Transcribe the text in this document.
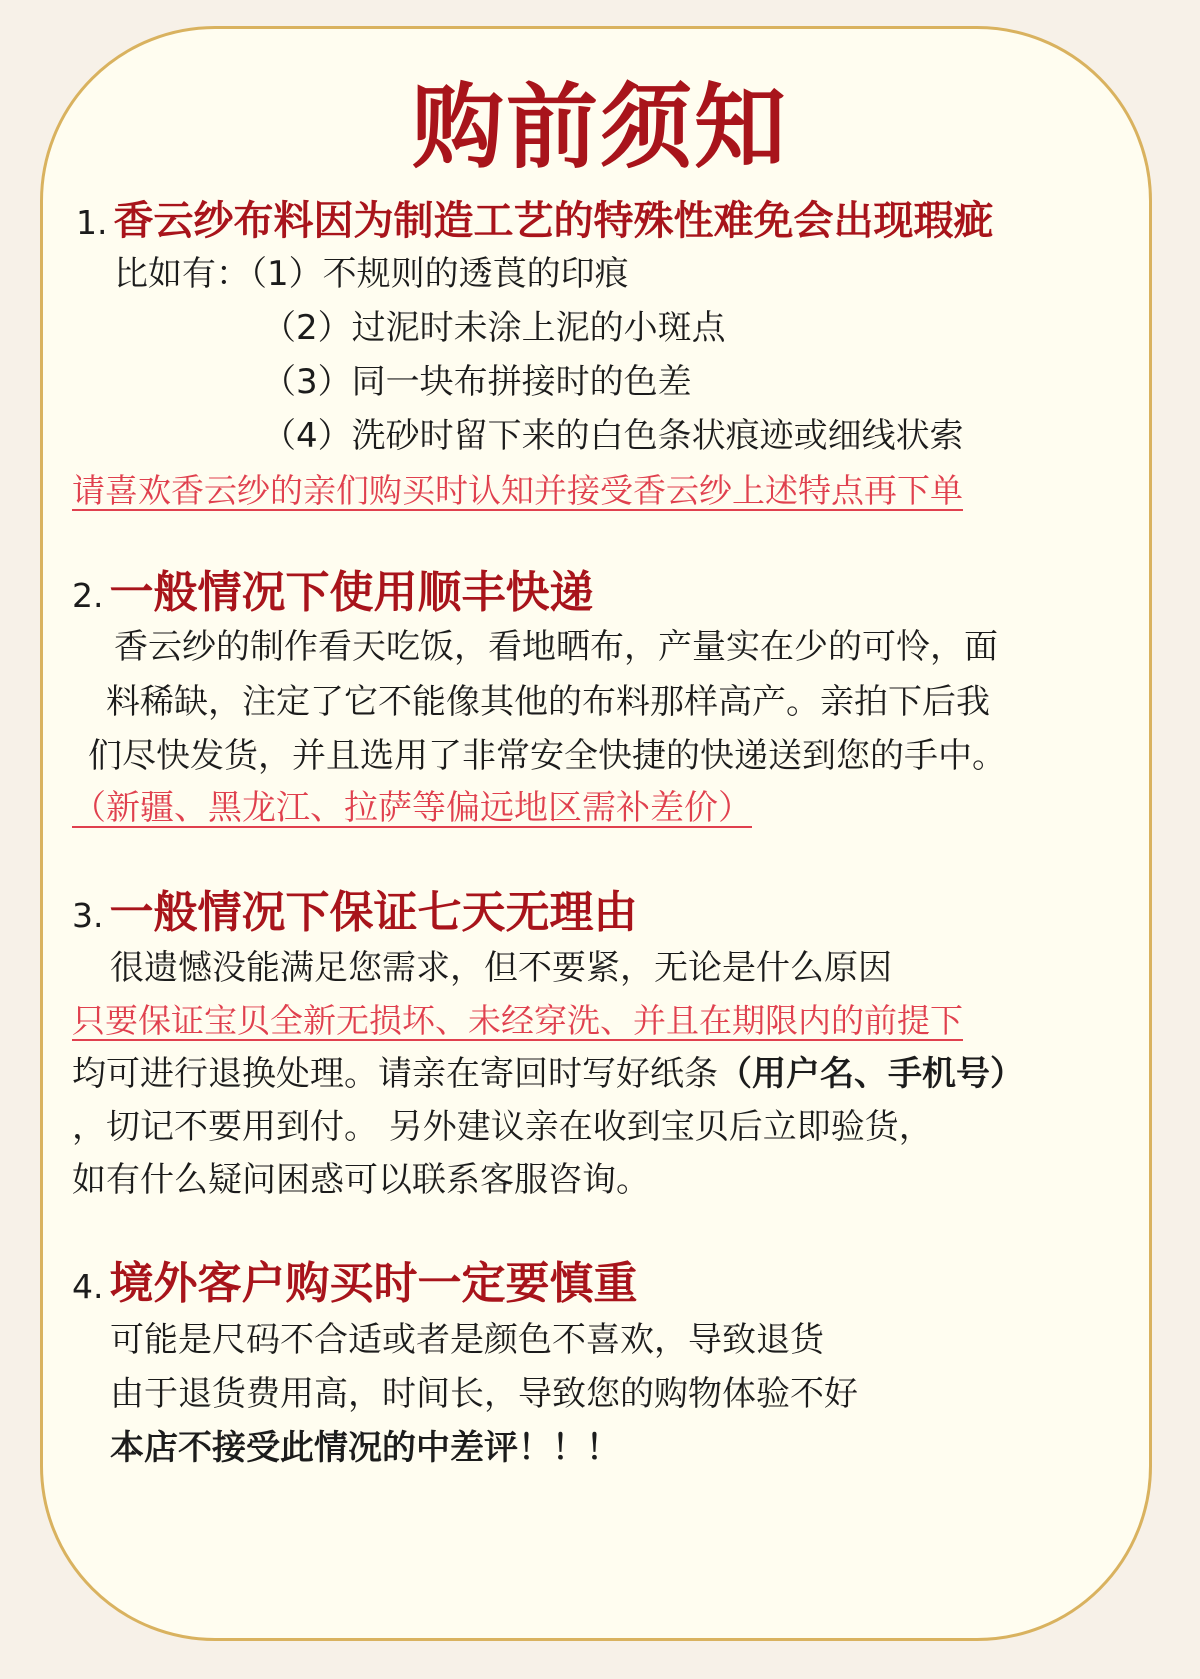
购前须知
1. 香云纱布料因为制造工艺的特殊性难免会出现瑕疵
比如有：（1）不规则的透莨的印痕
（2）过泥时未涂上泥的小斑点
（3）同一块布拼接时的色差
（4）洗砂时留下来的白色条状痕迹或细线状索
请喜欢香云纱的亲们购买时认知并接受香云纱上述特点再下单
2. 一般情况下使用顺丰快递
香云纱的制作看天吃饭，看地晒布，产量实在少的可怜，面
料稀缺，注定了它不能像其他的布料那样高产。亲拍下后我
们尽快发货，并且选用了非常安全快捷的快递送到您的手中。
（新疆、黑龙江、拉萨等偏远地区需补差价）
3. 一般情况下保证七天无理由
很遗憾没能满足您需求，但不要紧，无论是什么原因
只要保证宝贝全新无损坏、未经穿洗、并且在期限内的前提下
均可进行退换处理。请亲在寄回时写好纸条（用户名、手机号）
，切记不要用到付。 另外建议亲在收到宝贝后立即验货，
如有什么疑问困惑可以联系客服咨询。
4. 境外客户购买时一定要慎重
可能是尺码不合适或者是颜色不喜欢，导致退货
由于退货费用高，时间长，导致您的购物体验不好
本店不接受此情况的中差评！！！
